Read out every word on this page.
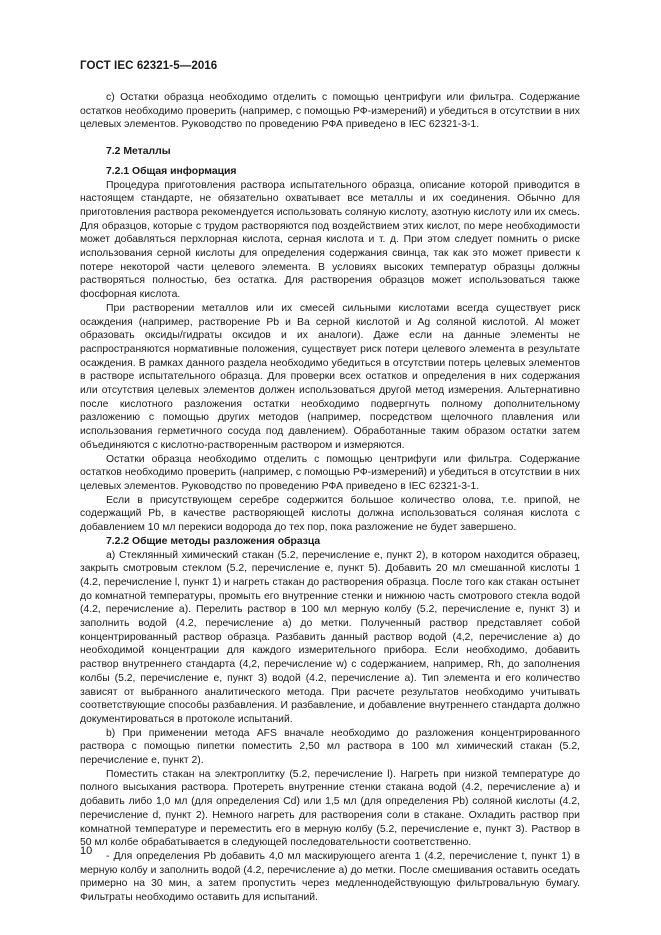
ГОСТ IEC 62321-5—2016

с) Остатки образца необходимо отделить с помощью центрифуги или фильтра. Содержание остатков необходимо проверить (например, с помощью РФ-измерений) и убедиться в отсутствии в них целевых элементов. Руководство по проведению РФА приведено в IEC 62321-3-1.

7.2 Металлы
7.2.1 Общая информация

Процедура приготовления раствора испытательного образца, описание которой приводится в настоящем стандарте, не обязательно охватывает все металлы и их соединения. Обычно для приготовления раствора рекомендуется использовать соляную кислоту, азотную кислоту или их смесь. Для образцов, которые с трудом растворяются под воздействием этих кислот, по мере необходимости может добавляться перхлорная кислота, серная кислота и т. д. При этом следует помнить о риске использования серной кислоты для определения содержания свинца, так как это может привести к потере некоторой части целевого элемента. В условиях высоких температур образцы должны растворяться полностью, без остатка. Для растворения образцов может использоваться также фосфорная кислота.

При растворении металлов или их смесей сильными кислотами всегда существует риск осаждения (например, растворение Pb и Ba серной кислотой и Ag соляной кислотой. Al может образовать оксиды/гидраты оксидов и их аналоги). Даже если на данные элементы не распространяются нормативные положения, существует риск потери целевого элемента в результате осаждения. В рамках данного раздела необходимо убедиться в отсутствии потерь целевых элементов в растворе испытательного образца. Для проверки всех остатков и определения в них содержания или отсутствия целевых элементов должен использоваться другой метод измерения. Альтернативно после кислотного разложения остатки необходимо подвергнуть полному дополнительному разложению с помощью других методов (например, посредством щелочного плавления или использования герметичного сосуда под давлением). Обработанные таким образом остатки затем объединяются с кислотно-растворенным раствором и измеряются.

Остатки образца необходимо отделить с помощью центрифуги или фильтра. Содержание остатков необходимо проверить (например, с помощью РФ-измерений) и убедиться в отсутствии в них целевых элементов. Руководство по проведению РФА приведено в IEC 62321-3-1.

Если в присутствующем серебре содержится большое количество олова, т.е. припой, не содержащий Pb, в качестве растворяющей кислоты должна использоваться соляная кислота с добавлением 10 мл перекиси водорода до тех пор, пока разложение не будет завершено.

7.2.2 Общие методы разложения образца

а) Стеклянный химический стакан (5.2, перечисление е, пункт 2), в котором находится образец, закрыть смотровым стеклом (5.2, перечисление е, пункт 5). Добавить 20 мл смешанной кислоты 1 (4.2, перечисление l, пункт 1) и нагреть стакан до растворения образца. После того как стакан остынет до комнатной температуры, промыть его внутренние стенки и нижнюю часть смотрового стекла водой (4.2, перечисление а). Перелить раствор в 100 мл мерную колбу (5.2, перечисление е, пункт 3) и заполнить водой (4.2, перечисление а) до метки. Полученный раствор представляет собой концентрированный раствор образца. Разбавить данный раствор водой (4,2, перечисление а) до необходимой концентрации для каждого измерительного прибора. Если необходимо, добавить раствор внутреннего стандарта (4,2, перечисление w) с содержанием, например, Rh, до заполнения колбы (5.2, перечисление е, пункт 3) водой (4.2, перечисление а). Тип элемента и его количество зависят от выбранного аналитического метода. При расчете результатов необходимо учитывать соответствующие способы разбавления. И разбавление, и добавление внутреннего стандарта должно документироваться в протоколе испытаний.

b) При применении метода AFS вначале необходимо до разложения концентрированного раствора с помощью пипетки поместить 2,50 мл раствора в 100 мл химический стакан (5.2, перечисление е, пункт 2).

Поместить стакан на электроплитку (5.2, перечисление l). Нагреть при низкой температуре до полного высыхания раствора. Протереть внутренние стенки стакана водой (4.2, перечисление а) и добавить либо 1,0 мл (для определения Cd) или 1,5 мл (для определения Pb) соляной кислоты (4.2, перечисление d, пункт 2). Немного нагреть для растворения соли в стакане. Охладить раствор при комнатной температуре и переместить его в мерную колбу (5.2, перечисление е, пункт 3). Раствор в 50 мл колбе обрабатывается в следующей последовательности соответственно.

- Для определения Pb добавить 4,0 мл маскирующего агента 1 (4.2, перечисление t, пункт 1) в мерную колбу и заполнить водой (4.2, перечисление а) до метки. После смешивания оставить оседать примерно на 30 мин, а затем пропустить через медленнодействующую фильтровальную бумагу. Фильтраты необходимо оставить для испытаний.

10
